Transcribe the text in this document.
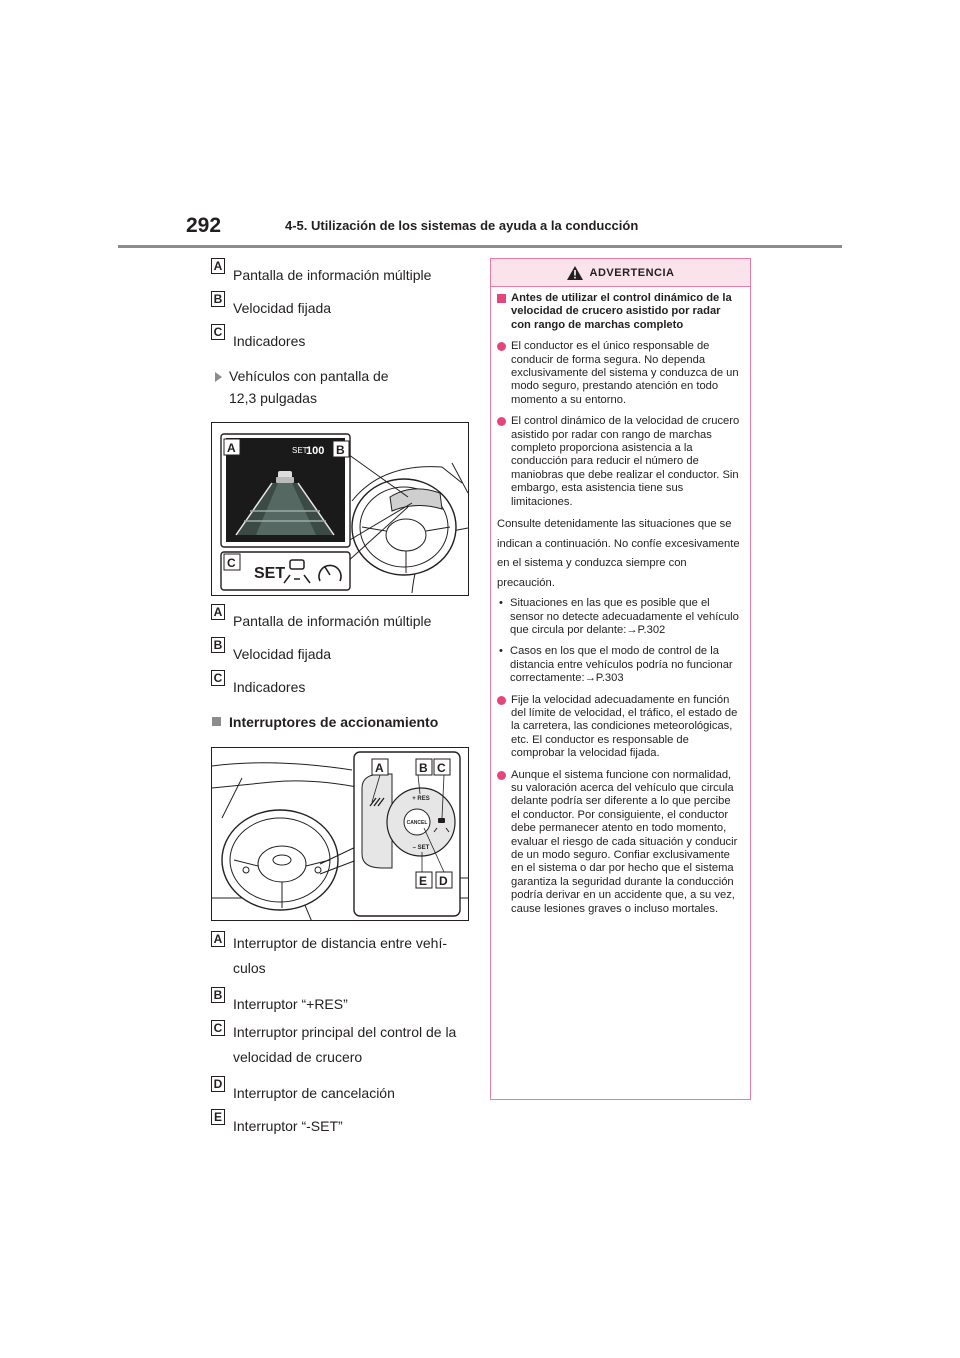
292	4-5. Utilización de los sistemas de ayuda a la conducción
A
Pantalla de información múltiple
B
Velocidad fijada
C
Indicadores
Vehículos con pantalla de
12,3 pulgadas
SET
100
SET
A	B
C
A
Pantalla de información múltiple
B
Velocidad fijada
C
Indicadores
Interruptores de accionamiento
+ RES
CANCEL
– SET
A	B C
D
E
A Interruptor de distancia entre vehí-
culos
B
Interruptor “+RES”
C Interruptor principal del control de la
velocidad de crucero
D
Interruptor de cancelación
E
Interruptor “-SET”
ADVERTENCIA
Antes de utilizar el control dinámico de la velocidad de crucero asistido por radar con rango de marchas completo
El conductor es el único responsable de conducir de forma segura. No dependa exclusivamente del sistema y conduzca de un modo seguro, prestando atención en todo momento a su entorno.
El control dinámico de la velocidad de crucero asistido por radar con rango de marchas completo proporciona asistencia a la conducción para reducir el número de maniobras que debe realizar el conductor. Sin embargo, esta asistencia tiene sus limitaciones.
Consulte detenidamente las situaciones que se indican a continuación. No confíe excesivamente en el sistema y conduzca siempre con precaución.
• Situaciones en las que es posible que el sensor no detecte adecuadamente el vehículo que circula por delante:→P.302
• Casos en los que el modo de control de la distancia entre vehículos podría no funcionar correctamente:→P.303
Fije la velocidad adecuadamente en función del límite de velocidad, el tráfico, el estado de la carretera, las condiciones meteorológicas, etc. El conductor es responsable de comprobar la velocidad fijada.
Aunque el sistema funcione con normalidad, su valoración acerca del vehículo que circula delante podría ser diferente a lo que percibe el conductor. Por consiguiente, el conductor debe permanecer atento en todo momento, evaluar el riesgo de cada situación y conducir de un modo seguro. Confiar exclusivamente en el sistema o dar por hecho que el sistema garantiza la seguridad durante la conducción podría derivar en un accidente que, a su vez, cause lesiones graves o incluso mortales.
